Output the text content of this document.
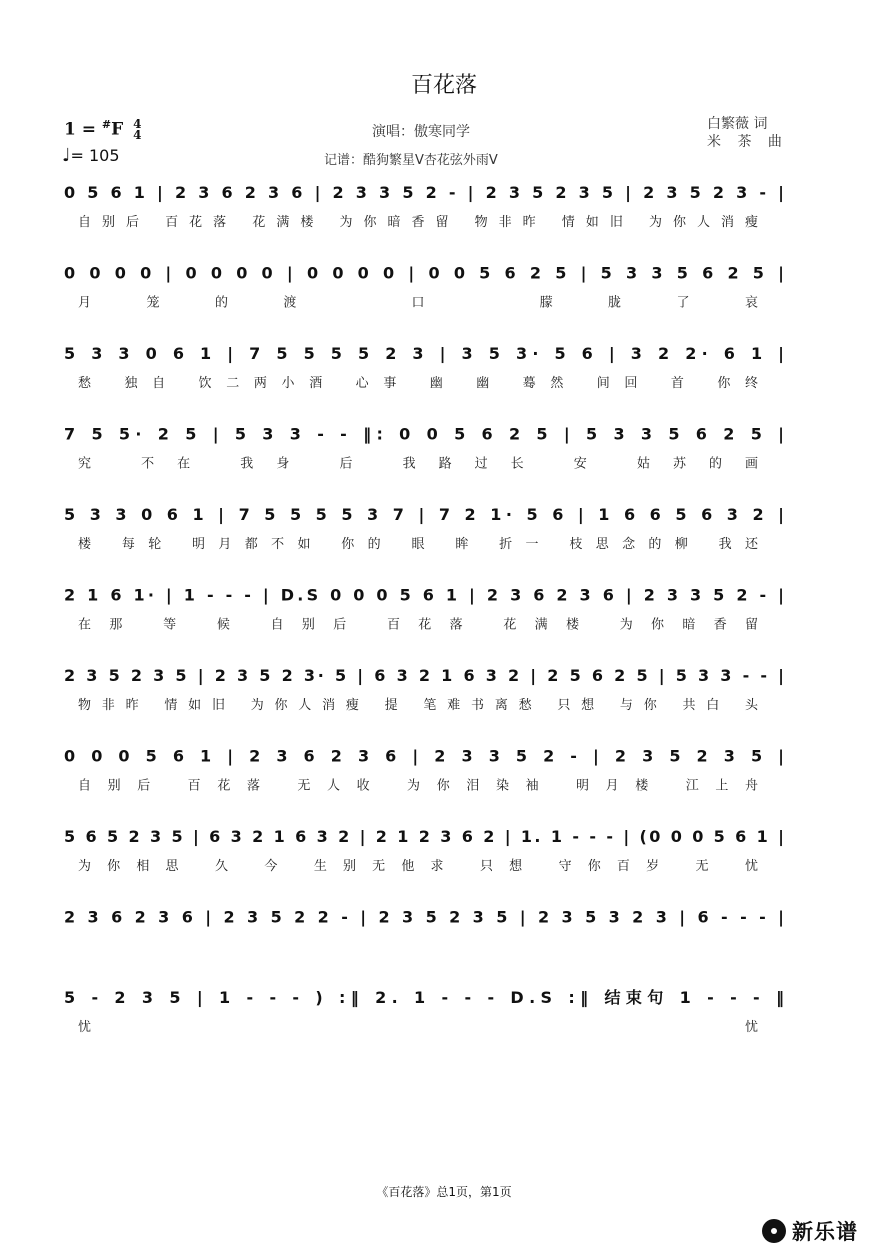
百花落
1 = #F 4
4
♩= 105
演唱：傲寒同学
记谱：酷狗繁星V杏花弦外雨V
白繁薇 词
米 茶 曲
0 5 6 1 | 2 3 6 2 3 6 | 2 3 3 5 2 - | 2 3 5 2 3 5 | 2 3 5 2 3 - |
自别后 百花落 花满楼 为你暗香留 物非昨 情如旧 为你人消瘦
0 0 0 0 | 0 0 0 0 | 0 0 0 0 | 0 0 5 6 2 5 | 5 3 3 5 6 2 5 |
月笼的渡 口 朦胧了哀
5 3 3 0 6 1 | 7 5 5 5 5 2 3 | 3 5 3· 5 6 | 3 2 2· 6 1 |
愁 独自 饮二两小酒 心事 幽 幽 蓦然 间回 首 你终
7 5 5· 2 5 | 5 3 3 - - ‖: 0 0 5 6 2 5 | 5 3 3 5 6 2 5 |
究 不在 我身 后 我路过长 安 姑苏的画
5 3 3 0 6 1 | 7 5 5 5 5 3 7 | 7 2 1· 5 6 | 1 6 6 5 6 3 2 |
楼 每轮 明月都不如 你的 眼 眸 折一 枝思念的柳 我还
2 1 6 1· | 1 - - - | D.S 0 0 0 5 6 1 | 2 3 6 2 3 6 | 2 3 3 5 2 - |
在那 等 候 自别后 百花落 花满楼 为你暗香留
2 3 5 2 3 5 | 2 3 5 2 3· 5 | 6 3 2 1 6 3 2 | 2 5 6 2 5 | 5 3 3 - - |
物非昨 情如旧 为你人消瘦 提 笔难书离愁 只想 与你 共白 头
0 0 0 5 6 1 | 2 3 6 2 3 6 | 2 3 3 5 2 - | 2 3 5 2 3 5 |
自别后 百花落 无人收 为你泪染袖 明月楼 江上舟
5 6 5 2 3 5 | 6 3 2 1 6 3 2 | 2 1 2 3 6 2 | 1. 1 - - - | (0 0 0 5 6 1 |
为你相思 久 今 生别无他求 只想 守你百岁 无 忧
2 3 6 2 3 6 | 2 3 5 2 2 - | 2 3 5 2 3 5 | 2 3 5 3 2 3 | 6 - - - |
5 - 2 3 5 | 1 - - - ) :‖ 2. 1 - - - D.S :‖ 结束句 1 - - - ‖
忧 忧
《百花落》总1页，第1页
新乐谱
